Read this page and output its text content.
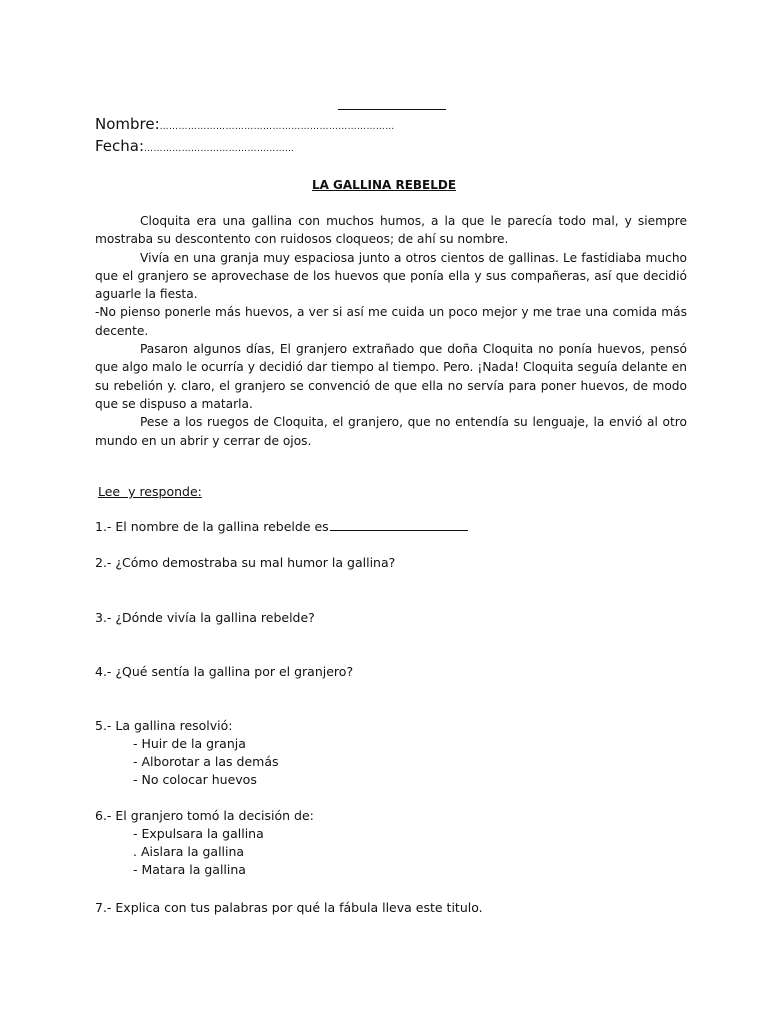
Nombre:…………………………………………………………………
Fecha:…………………………………………
LA GALLINA REBELDE

Cloquita era una gallina con muchos humos, a la que le parecía todo mal, y siempre mostraba su descontento con ruidosos cloqueos; de ahí su nombre.

Vivía en una granja muy espaciosa junto a otros cientos de gallinas. Le fastidiaba mucho que el granjero se aprovechase de los huevos que ponía ella y sus compañeras, así que decidió aguarle la fiesta.

-No pienso ponerle más huevos, a ver si así me cuida un poco mejor y me trae una comida más decente.

Pasaron algunos días, El granjero extrañado que doña Cloquita no ponía huevos, pensó que algo malo le ocurría y decidió dar tiempo al tiempo. Pero. ¡Nada! Cloquita seguía delante en su rebelión y. claro, el granjero se convenció de que ella no servía para poner huevos, de modo que se dispuso a matarla.

Pese a los ruegos de Cloquita, el granjero, que no entendía su lenguaje, la envió al otro mundo en un abrir y cerrar de ojos.

Lee  y responde:
1.- El nombre de la gallina rebelde es
2.- ¿Cómo demostraba su mal humor la gallina?
3.- ¿Dónde vivía la gallina rebelde?
4.- ¿Qué sentía la gallina por el granjero?
5.- La gallina resolvió:
- Huir de la granja
- Alborotar a las demás
- No colocar huevos
6.- El granjero tomó la decisión de:
- Expulsara la gallina
. Aislara la gallina
- Matara la gallina
7.- Explica con tus palabras por qué la fábula lleva este titulo.
